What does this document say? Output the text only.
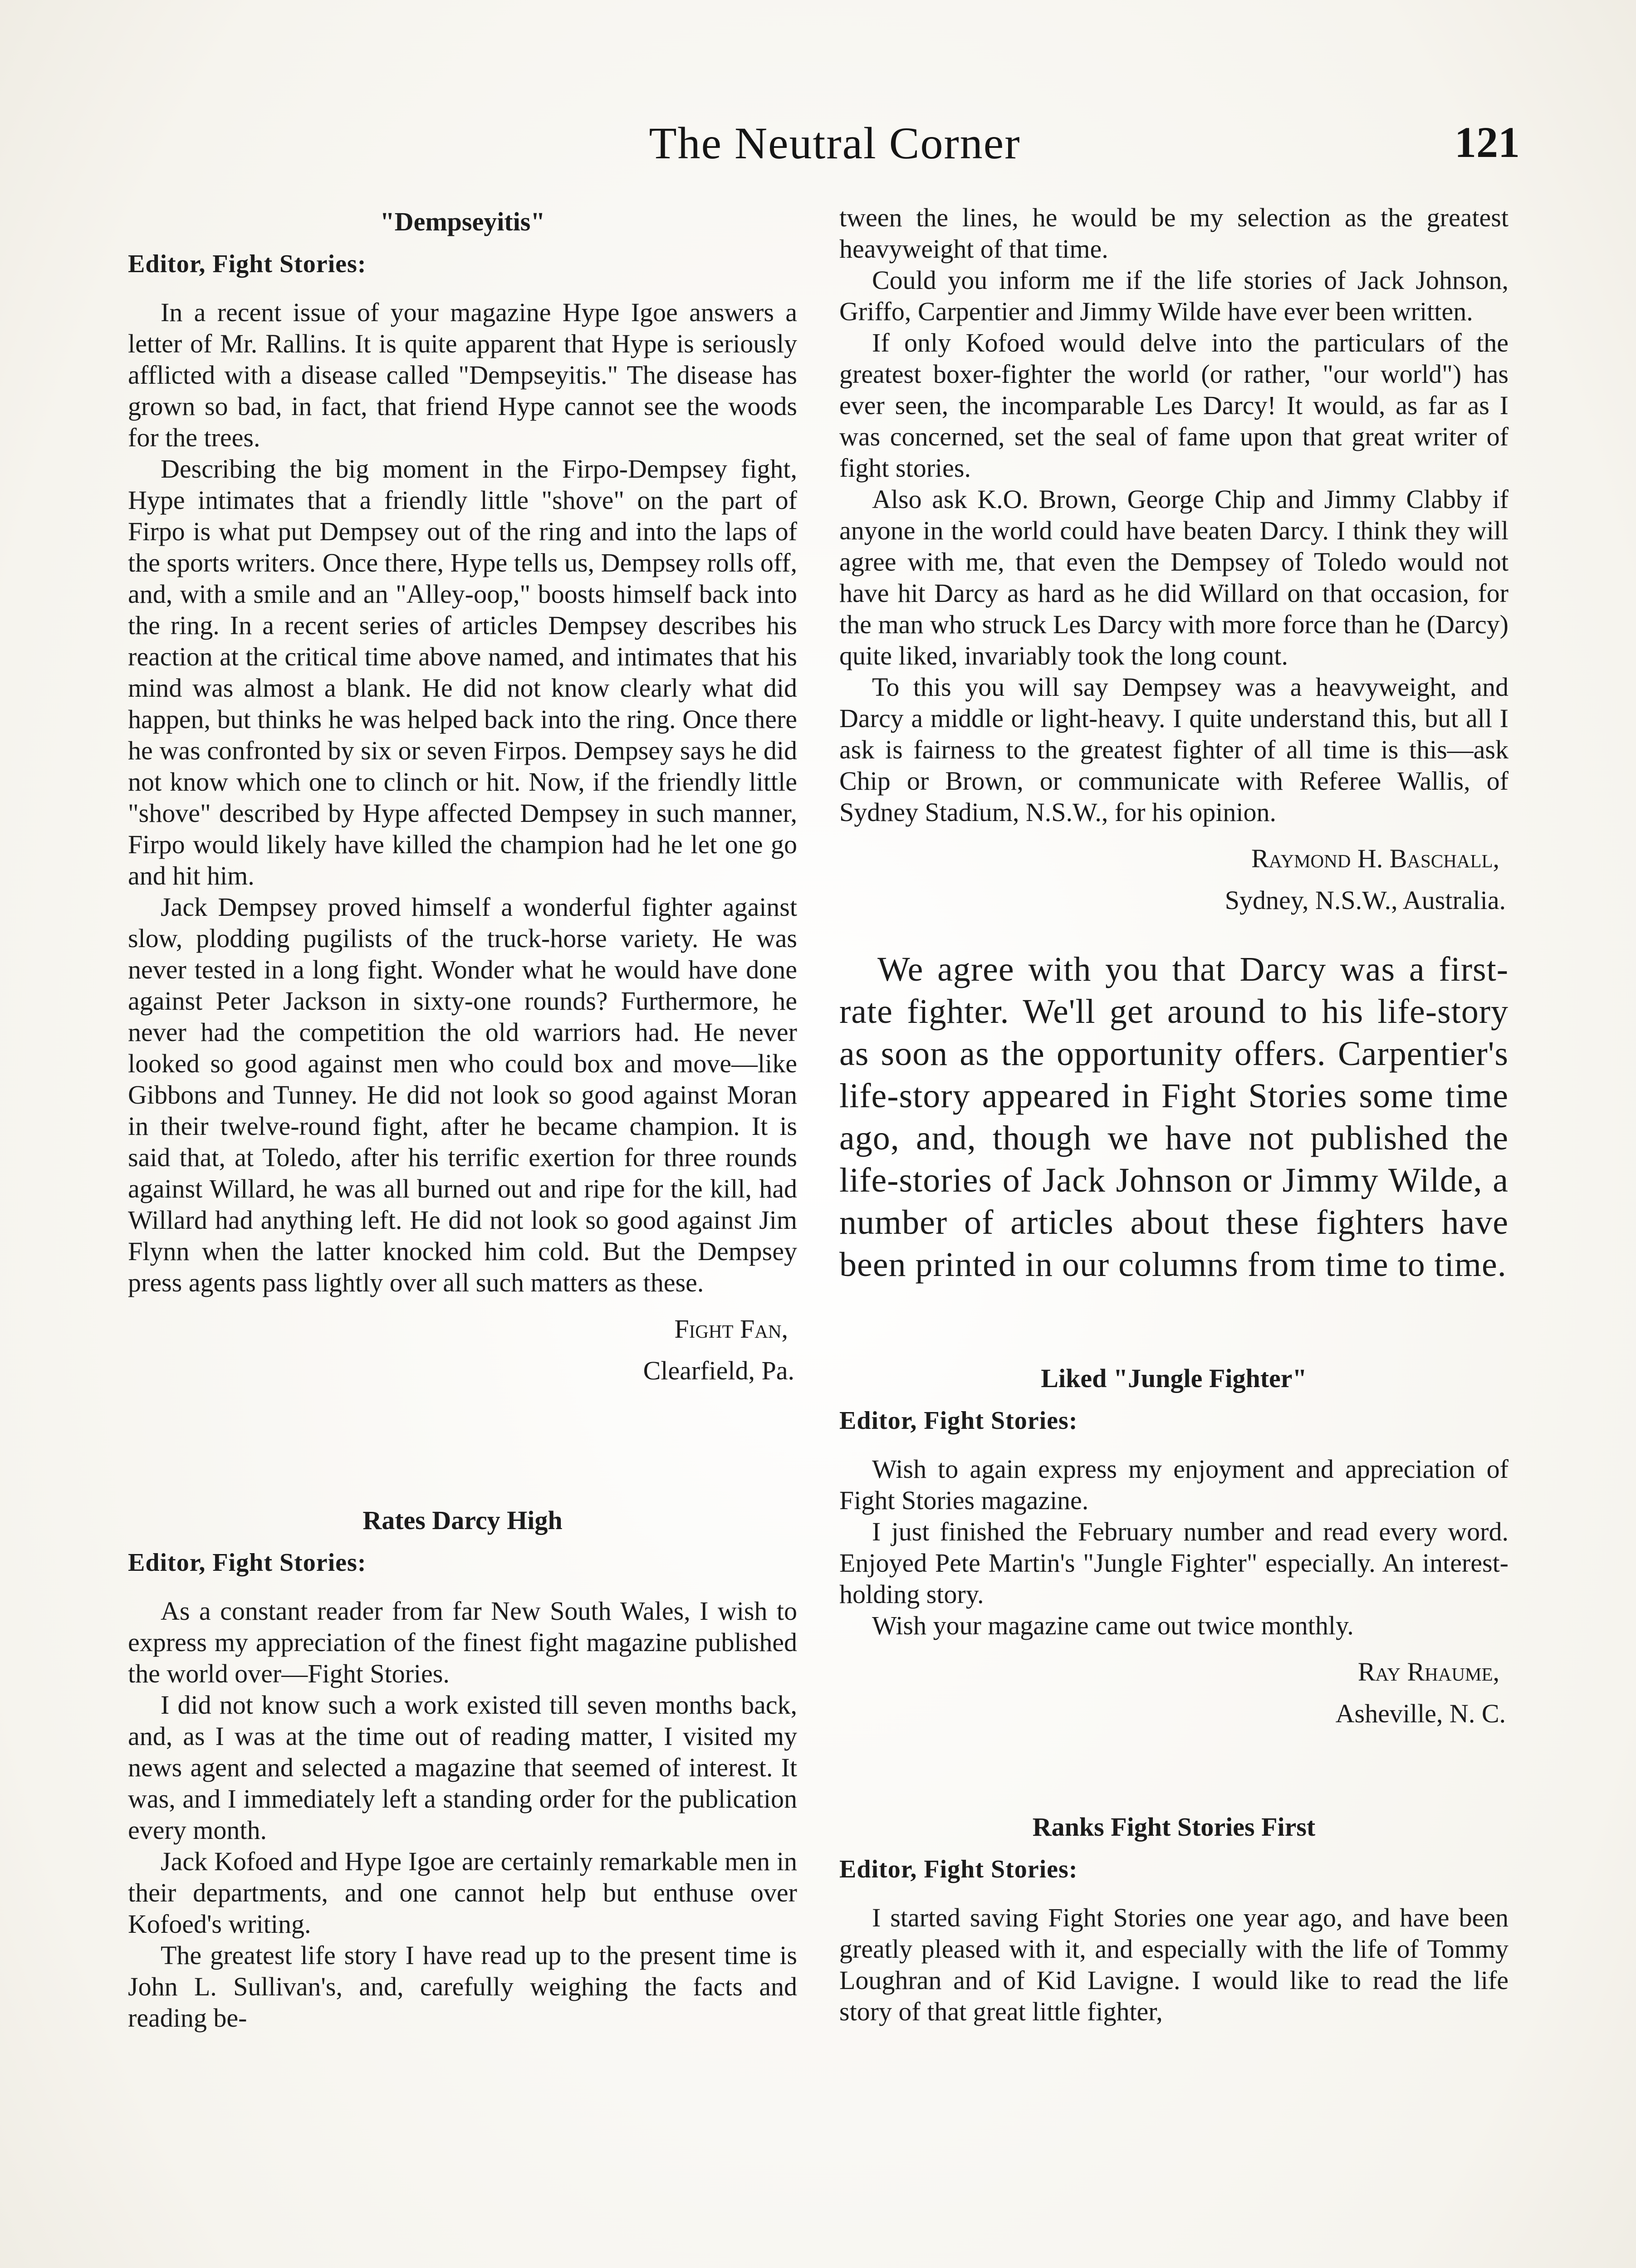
The Neutral Corner	121
"Dempseyitis"
Editor, Fight Stories:

In a recent issue of your magazine Hype Igoe answers a letter of Mr. Rallins. It is quite apparent that Hype is seriously afflicted with a disease called "Dempseyitis." The disease has grown so bad, in fact, that friend Hype cannot see the woods for the trees.

Describing the big moment in the Firpo-Dempsey fight, Hype intimates that a friendly little "shove" on the part of Firpo is what put Dempsey out of the ring and into the laps of the sports writers. Once there, Hype tells us, Dempsey rolls off, and, with a smile and an "Alley-oop," boosts himself back into the ring. In a recent series of articles Dempsey describes his reaction at the critical time above named, and intimates that his mind was almost a blank. He did not know clearly what did happen, but thinks he was helped back into the ring. Once there he was confronted by six or seven Firpos. Dempsey says he did not know which one to clinch or hit. Now, if the friendly little "shove" described by Hype affected Dempsey in such manner, Firpo would likely have killed the champion had he let one go and hit him.

Jack Dempsey proved himself a wonderful fighter against slow, plodding pugilists of the truck-horse variety. He was never tested in a long fight. Wonder what he would have done against Peter Jackson in sixty-one rounds? Furthermore, he never had the competition the old warriors had. He never looked so good against men who could box and move—like Gibbons and Tunney. He did not look so good against Moran in their twelve-round fight, after he became champion. It is said that, at Toledo, after his terrific exertion for three rounds against Willard, he was all burned out and ripe for the kill, had Willard had anything left. He did not look so good against Jim Flynn when the latter knocked him cold. But the Dempsey press agents pass lightly over all such matters as these.

Fight Fan,
Clearfield, Pa.
Rates Darcy High
Editor, Fight Stories:

As a constant reader from far New South Wales, I wish to express my appreciation of the finest fight magazine published the world over—Fight Stories.

I did not know such a work existed till seven months back, and, as I was at the time out of reading matter, I visited my news agent and selected a magazine that seemed of interest. It was, and I immediately left a standing order for the publication every month.

Jack Kofoed and Hype Igoe are certainly remarkable men in their departments, and one cannot help but enthuse over Kofoed's writing.

The greatest life story I have read up to the present time is John L. Sullivan's, and, carefully weighing the facts and reading be-

tween the lines, he would be my selection as the greatest heavyweight of that time.

Could you inform me if the life stories of Jack Johnson, Griffo, Carpentier and Jimmy Wilde have ever been written.

If only Kofoed would delve into the particulars of the greatest boxer-fighter the world (or rather, "our world") has ever seen, the incomparable Les Darcy! It would, as far as I was concerned, set the seal of fame upon that great writer of fight stories.

Also ask K.O. Brown, George Chip and Jimmy Clabby if anyone in the world could have beaten Darcy. I think they will agree with me, that even the Dempsey of Toledo would not have hit Darcy as hard as he did Willard on that occasion, for the man who struck Les Darcy with more force than he (Darcy) quite liked, invariably took the long count.

To this you will say Dempsey was a heavyweight, and Darcy a middle or light-heavy. I quite understand this, but all I ask is fairness to the greatest fighter of all time is this—ask Chip or Brown, or communicate with Referee Wallis, of Sydney Stadium, N.S.W., for his opinion.

Raymond H. Baschall,
Sydney, N.S.W., Australia.

We agree with you that Darcy was a first-rate fighter. We'll get around to his life-story as soon as the opportunity offers. Carpentier's life-story appeared in Fight Stories some time ago, and, though we have not published the life-stories of Jack Johnson or Jimmy Wilde, a number of articles about these fighters have been printed in our columns from time to time.

Liked "Jungle Fighter"
Editor, Fight Stories:

Wish to again express my enjoyment and appreciation of Fight Stories magazine.

I just finished the February number and read every word. Enjoyed Pete Martin's "Jungle Fighter" especially. An interest-holding story.

Wish your magazine came out twice monthly.

Ray Rhaume,
Asheville, N. C.
Ranks Fight Stories First
Editor, Fight Stories:

I started saving Fight Stories one year ago, and have been greatly pleased with it, and especially with the life of Tommy Loughran and of Kid Lavigne. I would like to read the life story of that great little fighter,
